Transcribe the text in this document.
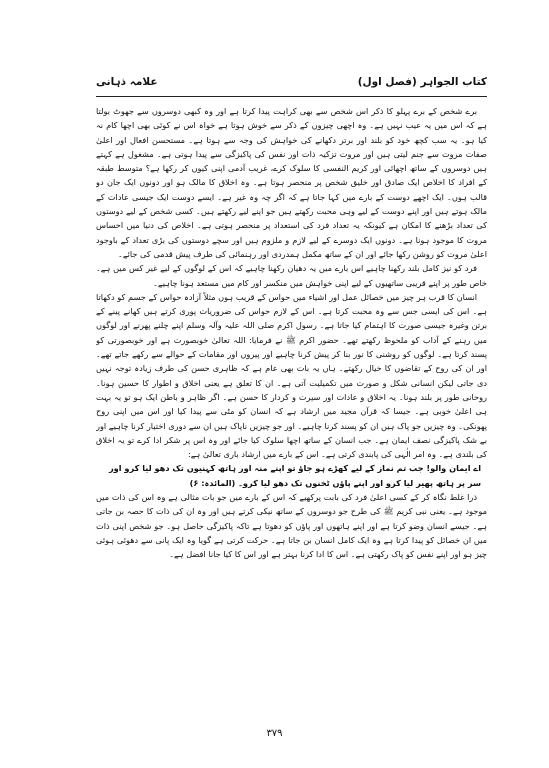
کتاب الجواہر (فصل اول)
علامہ ذہانی

برے شخص کے برے پہلو کا ذکر اس شخص سے بھی کراہت پیدا کرتا ہے اور وہ کبھی دوسروں سے جھوٹ بولتا ہے کہ اس میں یہ عیب نہیں ہے۔ وہ اچھی چیزوں کے ذکر سے خوش ہوتا ہے خواہ اس نے کوئی بھی اچھا کام نہ کیا ہو۔ یہ سب کچھ خود کو بلند اور برتر دکھانے کی خواہش کی وجہ سے ہوتا ہے۔ مستحسن افعال اور اعلیٰ صفات مروت سے جنم لیتی ہیں اور مروت تزکیہ ذات اور نفس کی پاکیزگی سے پیدا ہوتی ہے۔ مشغول ہے کہتے ہیں دوسروں کے ساتھ اچھائی اور کریم النفسی کا سلوک کرے، غریب آدمی اپنی کیوں کر رکھا ہے؟ متوسط طبقہ کے افراد کا اخلاص ایک صادق اور خلیق شخص پر منحصر ہوتا ہے۔ وہ اخلاق کا مالک ہو اور دونوں ایک جان دو قالب ہوں۔ ایک اچھے دوست کے بارے میں کہا جاتا ہے کہ اگر چہ وہ غیر ہے۔ ایسے دوست ایک جیسی عادات کے مالک ہوتے ہیں اور اپنے دوست کے لیے وہی محبت رکھتے ہیں جو اپنے لیے رکھتے ہیں۔ کسی شخص کے لیے دوستوں کی تعداد بڑھنے کا امکان ہے کیونکہ یہ تعداد فرد کی استعداد پر منحصر ہوتی ہے۔ اخلاص کی دنیا میں احساس مروت کا موجود ہونا ہے۔ دونوں ایک دوسرے کے لیے لازم و ملزوم ہیں اور سچے دوستوں کی بڑی تعداد کے باوجود اعلیٰ مروت کو روشن رکھا جائے اور ان کے ساتھ مکمل ہمدردی اور رہنمائی کی طرف پیش قدمی کی جائے۔

فرد کو نیز کامل بلند رکھنا چاہیے اس بارے میں یہ دھیان رکھنا چاہیے کہ اس کے لوگوں کے لیے غیر کس میں ہے۔ خاص طور پر اپنے قریبی ساتھیوں کے لیے اپنی خواہش میں منکسر اور کام میں مستعد ہونا چاہیے۔

انسان کا قرب ہر چیز میں خصائل عمل اور اشیاء میں حواس کے قریب ہوں مثلاً آزادہ حواس کے جسم کو دکھاتا ہے۔ اس کی ایسی جس سے وہ محبت کرتا ہے۔ اس کے لازم حواس کی ضروریات پوری کرتے ہیں کھانے پینے کے برتن وغیرہ جیسی صورت کا اہتمام کیا جاتا ہے۔ رسول اکرم صلی اللہ علیہ وآلہ وسلم اپنے چلنے پھرنے اور لوگوں میں رہنے کے آداب کو ملحوظ رکھتے تھے۔ حضور اکرم ﷺ نے فرمایا: اللہ تعالیٰ خوبصورت ہے اور خوبصورتی کو پسند کرتا ہے۔ لوگوں کو روشنی کا نور بنا کر پیش کرنا چاہیے اور پیروں اور مقامات کے حوالے سے رکھے جاتے تھے۔ اور ان کی روح کے تقاضوں کا خیال رکھتے۔ ہاں یہ بات بھی عام ہے کہ ظاہری حسن کی طرف زیادہ توجہ نہیں دی جاتی لیکن انسانی شکل و صورت میں تکمیلیت آتی ہے۔ ان کا تعلق ہے یعنی اخلاق و اطوار کا حسین ہونا۔ روحانی طور پر بلند ہونا۔ یہ اخلاق و عادات اور سیرت و کردار کا حسن ہے۔ اگر ظاہر و باطن ایک ہو تو یہ بہت ہی اعلیٰ خوبی ہے۔ جیسا کہ قرآن مجید میں ارشاد ہے کہ انسان کو مٹی سے پیدا کیا اور اس میں اپنی روح پھونکی۔ وہ چیزیں جو پاک ہیں ان کو پسند کرنا چاہیے۔ اور جو چیزیں ناپاک ہیں ان سے دوری اختیار کرنا چاہیے اور بے شک پاکیزگی نصف ایمان ہے۔ جب انسان کے ساتھ اچھا سلوک کیا جائے اور وہ اس پر شکر ادا کرے تو یہ اخلاق کی بلندی ہے۔ وہ امر الٰہی کی پابندی کرتی ہے۔ اس کے بارے میں ارشاد باری تعالیٰ ہے:

اے ایمان والو! جب تم نماز کے لیے کھڑے ہو جاؤ تو اپنے منہ اور ہاتھ کہنیوں تک دھو لیا کرو اور سر پر ہاتھ پھیر لیا کرو اور اپنے پاؤں ٹخنوں تک دھو لیا کرو۔ (المائدہ: ۶)

ذرا غلط نگاہ کر کے کسی اعلیٰ فرد کی بابت پرکھیے کہ اس کے بارے میں جو بات مثالی ہے وہ اس کی ذات میں موجود ہے۔ یعنی نبی کریم ﷺ کی طرح جو دوسروں کے ساتھ نیکی کرتے ہیں اور وہ ان کی ذات کا حصہ بن جاتی ہے۔ جیسے انسان وضو کرتا ہے اور اپنے ہاتھوں اور پاؤں کو دھوتا ہے تاکہ پاکیزگی حاصل ہو۔ جو شخص اپنی ذات میں ان خصائل کو پیدا کرتا ہے وہ ایک کامل انسان بن جاتا ہے۔ حرکت کرتی ہے گویا وہ ایک پانی سے دھوئی ہوئی چیز ہو اور اپنے نفس کو پاک رکھتی ہے۔ اس کا ادا کرنا بہتر ہے اور اس کا کیا جانا افضل ہے۔

۳۷۹
